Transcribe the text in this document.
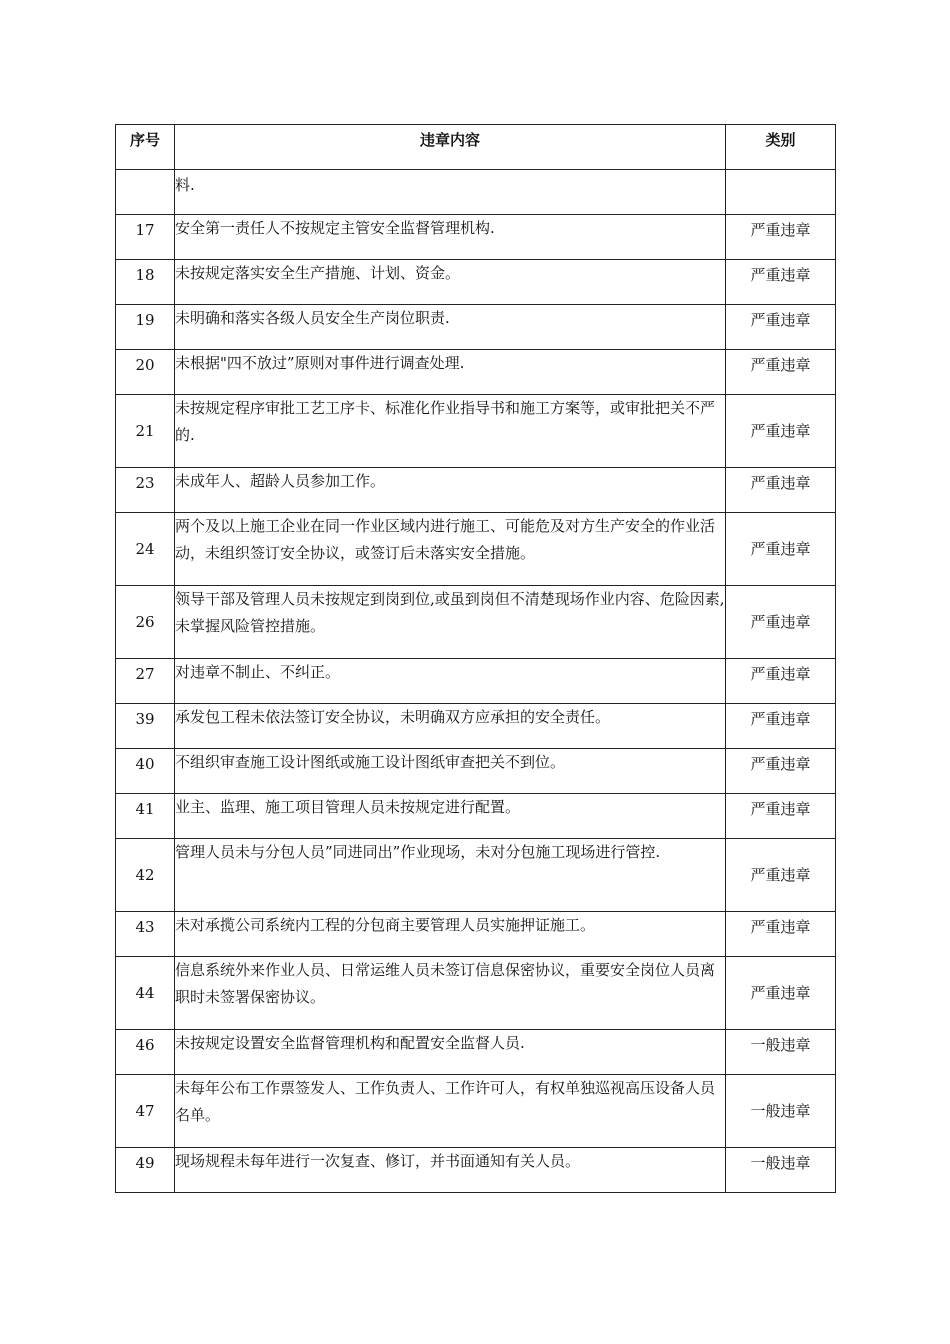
序号	违章内容	类别
	料.	
17	安全第一责任人不按规定主管安全监督管理机构.	严重违章
18	未按规定落实安全生产措施、计划、资金。	严重违章
19	未明确和落实各级人员安全生产岗位职责.	严重违章
20	未根据"四不放过”原则对事件进行调查处理.	严重违章
21	未按规定程序审批工艺工序卡、标准化作业指导书和施工方案等，或审批把关不严的.	严重违章
23	未成年人、超龄人员参加工作。	严重违章
24	两个及以上施工企业在同一作业区域内进行施工、可能危及对方生产安全的作业活动，未组织签订安全协议，或签订后未落实安全措施。	严重违章
26	领导干部及管理人员未按规定到岗到位,或虽到岗但不清楚现场作业内容、危险因素,未掌握风险管控措施。	严重违章
27	对违章不制止、不纠正。	严重违章
39	承发包工程未依法签订安全协议，未明确双方应承担的安全责任。	严重违章
40	不组织审查施工设计图纸或施工设计图纸审查把关不到位。	严重违章
41	业主、监理、施工项目管理人员未按规定进行配置。	严重违章
42	管理人员未与分包人员”同进同出”作业现场，未对分包施工现场进行管控.	严重违章
43	未对承揽公司系统内工程的分包商主要管理人员实施押证施工。	严重违章
44	信息系统外来作业人员、日常运维人员未签订信息保密协议，重要安全岗位人员离职时未签署保密协议。	严重违章
46	未按规定设置安全监督管理机构和配置安全监督人员.	一般违章
47	未每年公布工作票签发人、工作负责人、工作许可人，有权单独巡视高压设备人员名单。	一般违章
49	现场规程未每年进行一次复查、修订，并书面通知有关人员。	一般违章
